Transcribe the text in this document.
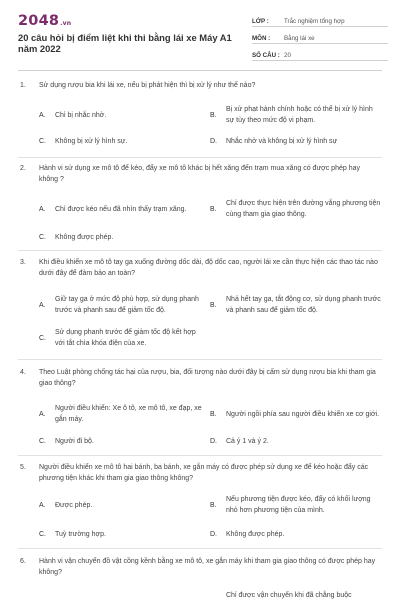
2048.vn
20 câu hỏi bị điểm liệt khi thi bằng lái xe Máy A1 năm 2022
LỚP :	Trắc nghiệm tổng hợp
MÔN :	Bằng lái xe
SỐ CÂU : 20
1. Sử dụng rượu bia khi lái xe, nếu bị phát hiện thì bị xử lý như thế nào?
A.	Chỉ bị nhắc nhở.	B.
Bị xử phạt hành chính hoặc có thể bị xử lý hình sự tùy theo mức độ vi phạm.
C.	Không bị xử lý hình sự.	D.	Nhắc nhở và không bị xử lý hình sự
2. Hành vi sử dụng xe mô tô để kéo, đẩy xe mô tô khác bị hết xăng đến trạm mua xăng có được phép hay không ?
A.	Chỉ được kéo nếu đã nhìn thấy trạm xăng.	B.
Chỉ được thực hiện trên đường vắng phương tiện cùng tham gia giao thông.
C.	Không được phép.
3. Khi điều khiển xe mô tô tay ga xuống đường dốc dài, độ dốc cao, người lái xe cần thực hiện các thao tác nào dưới đây để đảm bảo an toàn?
A.
Giữ tay ga ở mức độ phù hợp, sử dụng phanh trước và phanh sau để giảm tốc độ.
B.
Nhả hết tay ga, tắt động cơ, sử dụng phanh trước và phanh sau để giảm tốc độ.
C.
Sử dụng phanh trước để giảm tốc độ kết hợp với tắt chìa khóa điện của xe.
4. Theo Luật phòng chống tác hại của rượu, bia, đối tượng nào dưới đây bị cấm sử dụng rượu bia khi tham gia giao thông?
A.
Người điều khiển: Xe ô tô, xe mô tô, xe đạp, xe gắn máy.
B.	Người ngồi phía sau người điều khiển xe cơ giới.
C.	Người đi bộ.	D.	Cả ý 1 và ý 2.
5. Người điều khiển xe mô tô hai bánh, ba bánh, xe gắn máy có được phép sử dụng xe để kéo hoặc đẩy các phương tiện khác khi tham gia giao thông không?
A.	Được phép.	B.
Nếu phương tiện được kéo, đẩy có khối lượng nhỏ hơn phương tiện của mình.
C.	Tuỳ trường hợp.	D.	Không được phép.
6. Hành vi vận chuyển đồ vật cồng kềnh bằng xe mô tô, xe gắn máy khi tham gia giao thông có được phép hay không?
Chỉ được vận chuyển khi đã chằng buộc
